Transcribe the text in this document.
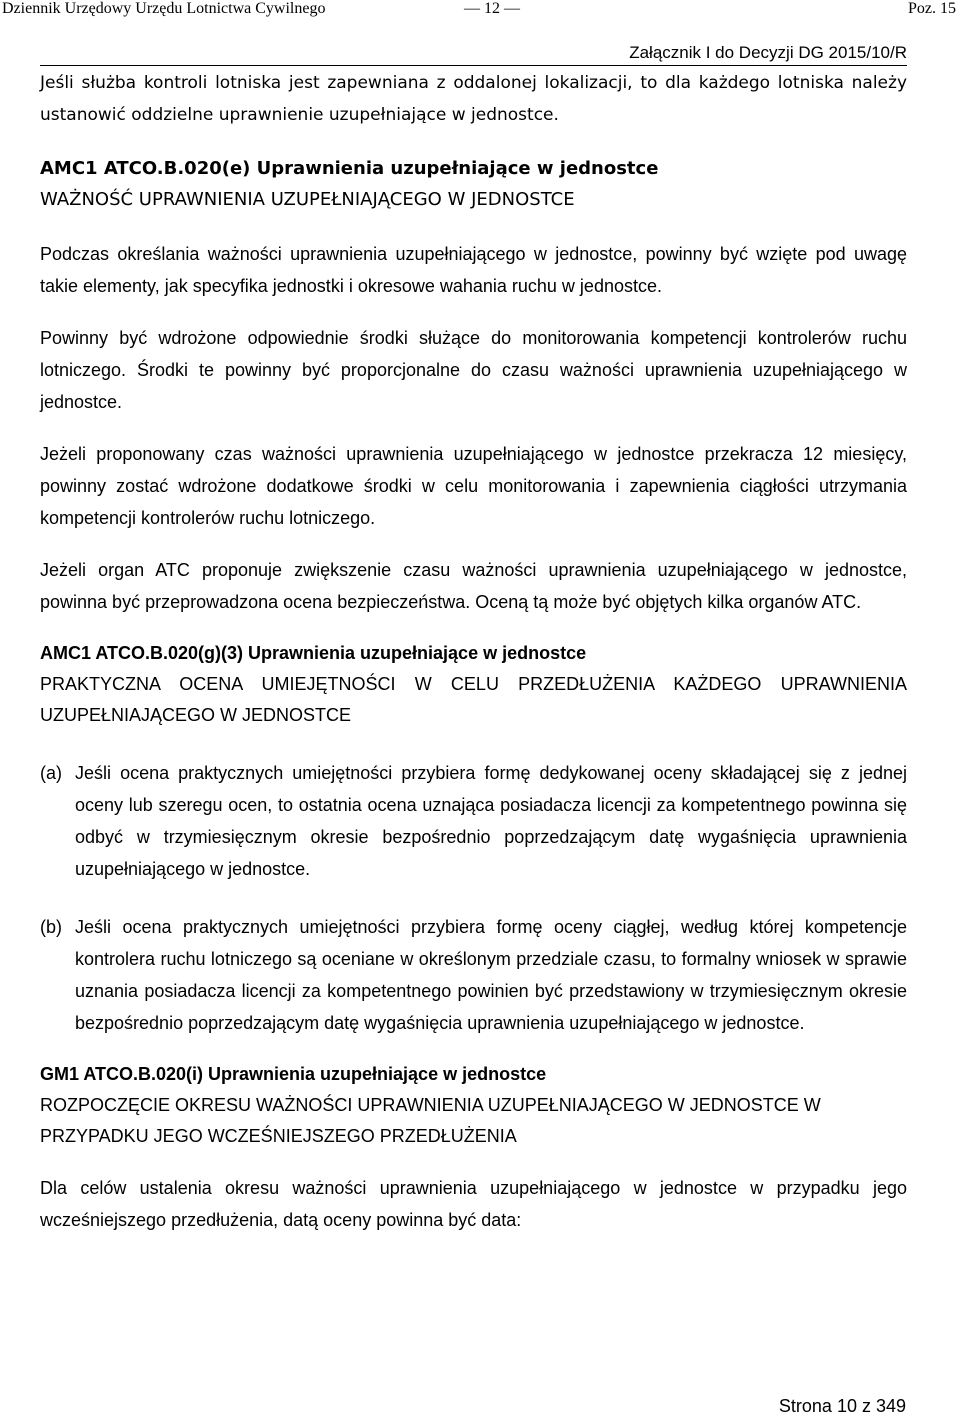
Dziennik Urzędowy Urzędu Lotnictwa Cywilnego	— 12 —	Poz. 15
Załącznik I do Decyzji DG 2015/10/R

Jeśli służba kontroli lotniska jest zapewniana z oddalonej lokalizacji, to dla każdego lotniska należy ustanowić oddzielne uprawnienie uzupełniające w jednostce.

AMC1 ATCO.B.020(e) Uprawnienia uzupełniające w jednostce

WAŻNOŚĆ UPRAWNIENIA UZUPEŁNIAJĄCEGO W JEDNOSTCE

Podczas określania ważności uprawnienia uzupełniającego w jednostce, powinny być wzięte pod uwagę takie elementy, jak specyfika jednostki i okresowe wahania ruchu w jednostce.

Powinny być wdrożone odpowiednie środki służące do monitorowania kompetencji kontrolerów ruchu lotniczego. Środki te powinny być proporcjonalne do czasu ważności uprawnienia uzupełniającego w jednostce.

Jeżeli proponowany czas ważności uprawnienia uzupełniającego w jednostce przekracza 12 miesięcy, powinny zostać wdrożone dodatkowe środki w celu monitorowania i zapewnienia ciągłości utrzymania kompetencji kontrolerów ruchu lotniczego.

Jeżeli organ ATC proponuje zwiększenie czasu ważności uprawnienia uzupełniającego w jednostce, powinna być przeprowadzona ocena bezpieczeństwa. Oceną tą może być objętych kilka organów ATC.

AMC1 ATCO.B.020(g)(3) Uprawnienia uzupełniające w jednostce

PRAKTYCZNA OCENA UMIEJĘTNOŚCI W CELU PRZEDŁUŻENIA KAŻDEGO UPRAWNIENIA UZUPEŁNIAJĄCEGO W JEDNOSTCE

(a) Jeśli ocena praktycznych umiejętności przybiera formę dedykowanej oceny składającej się z jednej oceny lub szeregu ocen, to ostatnia ocena uznająca posiadacza licencji za kompetentnego powinna się odbyć w trzymiesięcznym okresie bezpośrednio poprzedzającym datę wygaśnięcia uprawnienia uzupełniającego w jednostce.
(b) Jeśli ocena praktycznych umiejętności przybiera formę oceny ciągłej, według której kompetencje kontrolera ruchu lotniczego są oceniane w określonym przedziale czasu, to formalny wniosek w sprawie uznania posiadacza licencji za kompetentnego powinien być przedstawiony w trzymiesięcznym okresie bezpośrednio poprzedzającym datę wygaśnięcia uprawnienia uzupełniającego w jednostce.

GM1 ATCO.B.020(i) Uprawnienia uzupełniające w jednostce

ROZPOCZĘCIE OKRESU WAŻNOŚCI UPRAWNIENIA UZUPEŁNIAJĄCEGO W JEDNOSTCE W PRZYPADKU JEGO WCZEŚNIEJSZEGO PRZEDŁUŻENIA

Dla celów ustalenia okresu ważności uprawnienia uzupełniającego w jednostce w przypadku jego wcześniejszego przedłużenia, datą oceny powinna być data:

Strona 10 z 349
